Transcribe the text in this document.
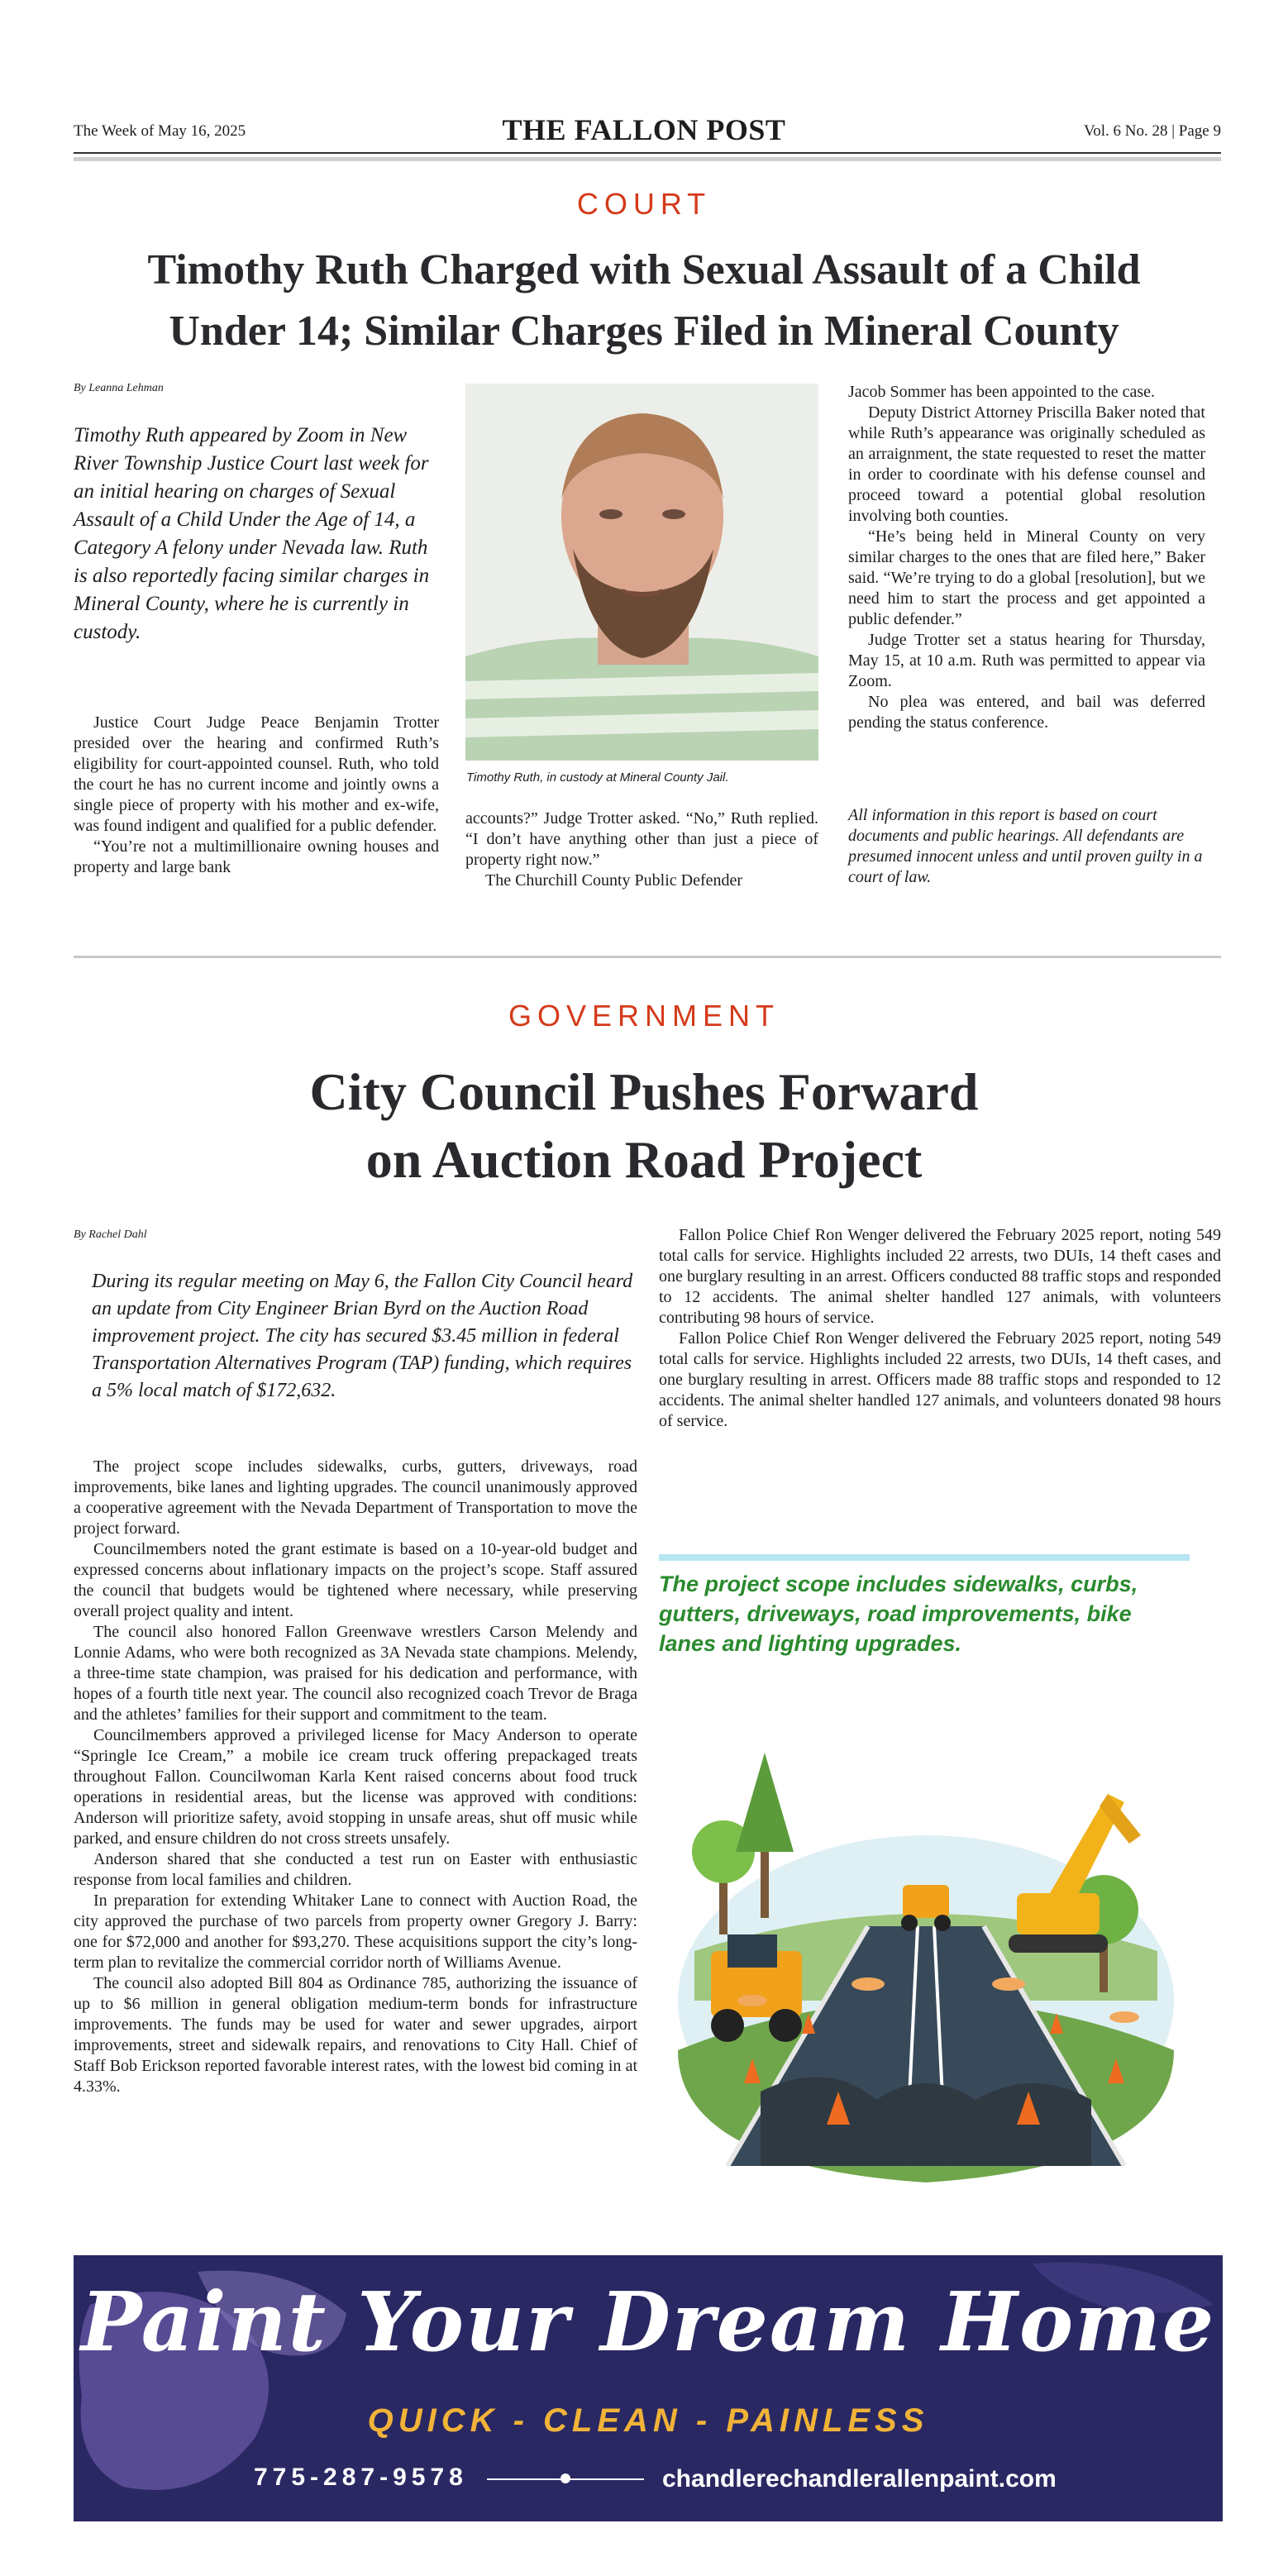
The Week of May 16, 2025	THE FALLON POST	Vol. 6 No. 28 | Page 9
COURT
Timothy Ruth Charged with Sexual Assault of a Child
Under 14; Similar Charges Filed in Mineral County
By Leanna Lehman
Timothy Ruth appeared by Zoom in New River Township Justice Court last week for an initial hearing on charges of Sexual Assault of a Child Under the Age of 14, a Category A felony under Nevada law. Ruth is also reportedly facing similar charges in Mineral County, where he is currently in custody.

Justice Court Judge Peace Benjamin Trotter presided over the hearing and confirmed Ruth’s eligibility for court-appointed counsel. Ruth, who told the court he has no current income and jointly owns a single piece of property with his mother and ex-wife, was found indigent and qualified for a public defender.

“You’re not a multimillionaire owning houses and property and large bank

Timothy Ruth, in custody at Mineral County Jail.

accounts?” Judge Trotter asked. “No,” Ruth replied. “I don’t have anything other than just a piece of property right now.”

The Churchill County Public Defender

Jacob Sommer has been appointed to the case.

Deputy District Attorney Priscilla Baker noted that while Ruth’s appearance was originally scheduled as an arraignment, the state requested to reset the matter in order to coordinate with his defense counsel and proceed toward a potential global resolution involving both counties.

“He’s being held in Mineral County on very similar charges to the ones that are filed here,” Baker said. “We’re trying to do a global [resolution], but we need him to start the process and get appointed a public defender.”

Judge Trotter set a status hearing for Thursday, May 15, at 10 a.m. Ruth was permitted to appear via Zoom.

No plea was entered, and bail was deferred pending the status conference.

All information in this report is based on court documents and public hearings. All defendants are presumed innocent unless and until proven guilty in a court of law.
GOVERNMENT
City Council Pushes Forward
on Auction Road Project
By Rachel Dahl
During its regular meeting on May 6, the Fallon City Council heard an update from City Engineer Brian Byrd on the Auction Road improvement project. The city has secured $3.45 million in federal Transportation Alternatives Program (TAP) funding, which requires a 5% local match of $172,632.

The project scope includes sidewalks, curbs, gutters, driveways, road improvements, bike lanes and lighting upgrades. The council unanimously approved a cooperative agreement with the Nevada Department of Transportation to move the project forward.

Councilmembers noted the grant estimate is based on a 10-year-old budget and expressed concerns about inflationary impacts on the project’s scope. Staff assured the council that budgets would be tightened where necessary, while preserving overall project quality and intent.

The council also honored Fallon Greenwave wrestlers Carson Melendy and Lonnie Adams, who were both recognized as 3A Nevada state champions. Melendy, a three-time state champion, was praised for his dedication and performance, with hopes of a fourth title next year. The council also recognized coach Trevor de Braga and the athletes’ families for their support and commitment to the team.

Councilmembers approved a privileged license for Macy Anderson to operate “Springle Ice Cream,” a mobile ice cream truck offering prepackaged treats throughout Fallon. Councilwoman Karla Kent raised concerns about food truck operations in residential areas, but the license was approved with conditions: Anderson will prioritize safety, avoid stopping in unsafe areas, shut off music while parked, and ensure children do not cross streets unsafely.

Anderson shared that she conducted a test run on Easter with enthusiastic response from local families and children.

In preparation for extending Whitaker Lane to connect with Auction Road, the city approved the purchase of two parcels from property owner Gregory J. Barry: one for $72,000 and another for $93,270. These acquisitions support the city’s long-term plan to revitalize the commercial corridor north of Williams Avenue.

The council also adopted Bill 804 as Ordinance 785, authorizing the issuance of up to $6 million in general obligation medium-term bonds for infrastructure improvements. The funds may be used for water and sewer upgrades, airport improvements, street and sidewalk repairs, and renovations to City Hall. Chief of Staff Bob Erickson reported favorable interest rates, with the lowest bid coming in at 4.33%.

Fallon Police Chief Ron Wenger delivered the February 2025 report, noting 549 total calls for service. Highlights included 22 arrests, two DUIs, 14 theft cases and one burglary resulting in an arrest. Officers conducted 88 traffic stops and responded to 12 accidents. The animal shelter handled 127 animals, with volunteers contributing 98 hours of service.

Fallon Police Chief Ron Wenger delivered the February 2025 report, noting 549 total calls for service. Highlights included 22 arrests, two DUIs, 14 theft cases, and one burglary resulting in arrest. Officers made 88 traffic stops and responded to 12 accidents. The animal shelter handled 127 animals, and volunteers donated 98 hours of service.

The project scope includes sidewalks, curbs, gutters, driveways, road improvements, bike lanes and lighting upgrades.
Paint Your Dream Home
QUICK - CLEAN - PAINLESS
775-287-9578	chandlerechandlerallenpaint.com
